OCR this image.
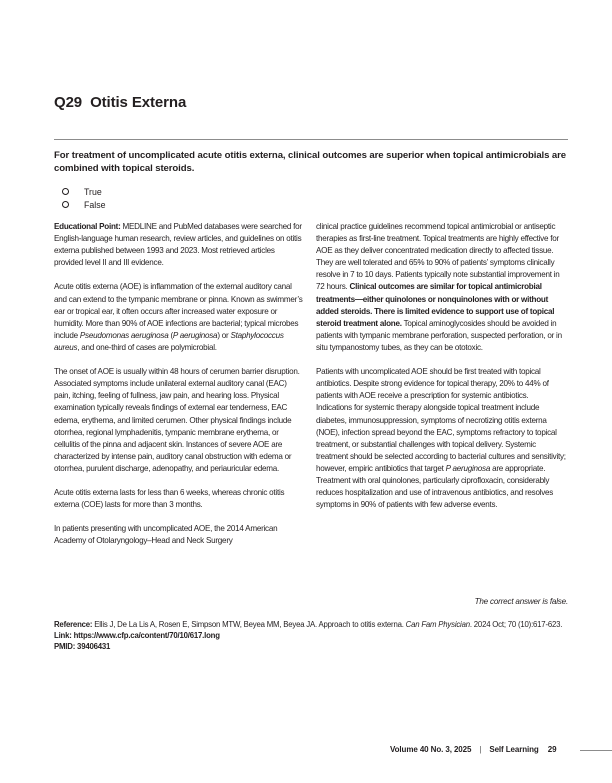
Q29 Otitis Externa
For treatment of uncomplicated acute otitis externa, clinical outcomes are superior when topical antimicrobials are combined with topical steroids.
True
False

Educational Point: MEDLINE and PubMed databases were searched for English-language human research, review articles, and guidelines on otitis externa published between 1993 and 2023. Most retrieved articles provided level II and III evidence.

Acute otitis externa (AOE) is inflammation of the external auditory canal and can extend to the tympanic membrane or pinna. Known as swimmer’s ear or tropical ear, it often occurs after increased water exposure or humidity. More than 90% of AOE infections are bacterial; typical microbes include Pseudomonas aeruginosa (P aeruginosa) or Staphylococcus aureus, and one-third of cases are polymicrobial.

The onset of AOE is usually within 48 hours of cerumen barrier disruption. Associated symptoms include unilateral external auditory canal (EAC) pain, itching, feeling of fullness, jaw pain, and hearing loss. Physical examination typically reveals findings of external ear tenderness, EAC edema, erythema, and limited cerumen. Other physical findings include otorrhea, regional lymphadenitis, tympanic membrane erythema, or cellulitis of the pinna and adjacent skin. Instances of severe AOE are characterized by intense pain, auditory canal obstruction with edema or otorrhea, purulent discharge, adenopathy, and periauricular edema.

Acute otitis externa lasts for less than 6 weeks, whereas chronic otitis externa (COE) lasts for more than 3 months.

In patients presenting with uncomplicated AOE, the 2014 American Academy of Otolaryngology–Head and Neck Surgery

clinical practice guidelines recommend topical antimicrobial or antiseptic therapies as first-line treatment. Topical treatments are highly effective for AOE as they deliver concentrated medication directly to affected tissue. They are well tolerated and 65% to 90% of patients’ symptoms clinically resolve in 7 to 10 days. Patients typically note substantial improvement in 72 hours. Clinical outcomes are similar for topical antimicrobial treatments—either quinolones or nonquinolones with or without added steroids. There is limited evidence to support use of topical steroid treatment alone. Topical aminoglycosides should be avoided in patients with tympanic membrane perforation, suspected perforation, or in situ tympanostomy tubes, as they can be ototoxic.

Patients with uncomplicated AOE should be first treated with topical antibiotics. Despite strong evidence for topical therapy, 20% to 44% of patients with AOE receive a prescription for systemic antibiotics. Indications for systemic therapy alongside topical treatment include diabetes, immunosuppression, symptoms of necrotizing otitis externa (NOE), infection spread beyond the EAC, symptoms refractory to topical treatment, or substantial challenges with topical delivery. Systemic treatment should be selected according to bacterial cultures and sensitivity; however, empiric antibiotics that target P aeruginosa are appropriate. Treatment with oral quinolones, particularly ciprofloxacin, considerably reduces hospitalization and use of intravenous antibiotics, and resolves symptoms in 90% of patients with few adverse events.

The correct answer is false.
Reference: Ellis J, De La Lis A, Rosen E, Simpson MTW, Beyea MM, Beyea JA. Approach to otitis externa. Can Fam Physician. 2024 Oct; 70 (10):617-623.
Link: https://www.cfp.ca/content/70/10/617.long
PMID: 39406431
Volume 40 No. 3, 2025 | Self Learning 29
